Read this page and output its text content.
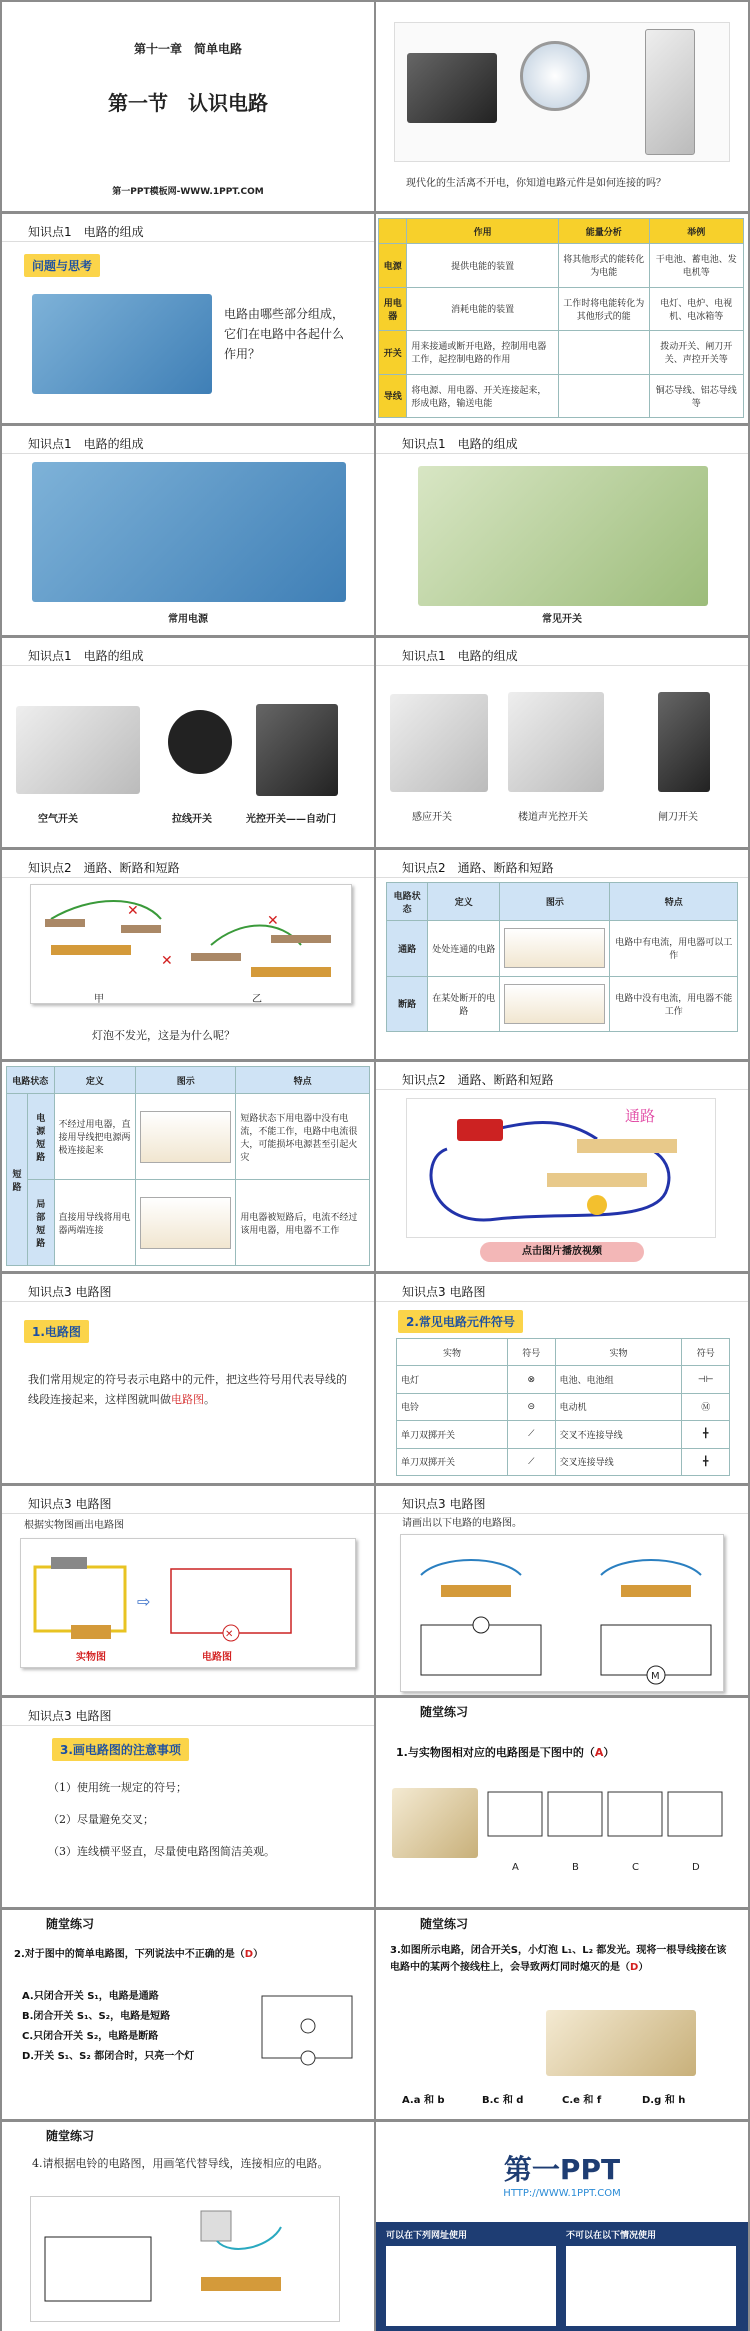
第十一章　简单电路
第一节　认识电路
第一PPT模板网-WWW.1PPT.COM
现代化的生活离不开电，你知道电路元件是如何连接的吗？
知识点1　电路的组成
问题与思考
电路由哪些部分组成，它们在电路中各起什么作用？
	作用	能量分析	举例
电源	提供电能的装置	将其他形式的能转化为电能	干电池、蓄电池、发电机等
用电器	消耗电能的装置	工作时将电能转化为其他形式的能	电灯、电炉、电视机、电冰箱等
开关	用来接通或断开电路，控制用电器工作，起控制电路的作用		拨动开关、闸刀开关、声控开关等
导线	将电源、用电器、开关连接起来，形成电路，输送电能		铜芯导线、铝芯导线等
知识点1　电路的组成
常用电源
知识点1　电路的组成
常见开关
知识点1　电路的组成
空气开关	拉线开关	光控开关——自动门
知识点1　电路的组成
感应开关	楼道声光控开关	闸刀开关
知识点2　通路、断路和短路
✕
✕
✕
甲	乙
灯泡不发光，这是为什么呢？
知识点2　通路、断路和短路
电路状态	定义	图示	特点
通路	处处连通的电路		电路中有电流，用电器可以工作
断路	在某处断开的电路		电路中没有电流，用电器不能工作
电路状态		定义	图示	特点
短路	电源短路	不经过用电器，直接用导线把电源两极连接起来		短路状态下用电器中没有电流，不能工作，电路中电流很大，可能损坏电源甚至引起火灾
	局部短路	直接用导线将用电器两端连接		用电器被短路后，电流不经过该用电器，用电器不工作
知识点2　通路、断路和短路
通路
点击图片播放视频
知识点3 电路图
1.电路图
我们常用规定的符号表示电路中的元件，把这些符号用代表导线的线段连接起来，这样图就叫做电路图。
知识点3 电路图
2.常见电路元件符号
实物	符号	实物	符号
电灯	⊗	电池、电池组	⊣⊢
电铃	⊝	电动机	Ⓜ
单刀双掷开关	⟋	交叉不连接导线	╋
单刀双掷开关	⟋	交叉连接导线	╋
知识点3 电路图
根据实物图画出电路图
⇨
✕
实物图	电路图
知识点3 电路图
请画出以下电路的电路图。
M
知识点3 电路图
3.画电路图的注意事项
（1）使用统一规定的符号；
（2）尽量避免交叉；
（3）连线横平竖直，尽量使电路图简洁美观。
随堂练习
1.与实物图相对应的电路图是下图中的（A）
A	B	C	D
随堂练习
2.对于图中的简单电路图，下列说法中不正确的是（D）
A.只闭合开关 S₁，电路是通路
B.闭合开关 S₁、S₂，电路是短路
C.只闭合开关 S₂，电路是断路
D.开关 S₁、S₂ 都闭合时，只亮一个灯
随堂练习
3.如图所示电路，闭合开关S，小灯泡 L₁、L₂ 都发光。现将一根导线接在该电路中的某两个接线柱上，会导致两灯同时熄灭的是（D）
A.a 和 b	B.c 和 d	C.e 和 f	D.g 和 h
随堂练习
4.请根据电铃的电路图，用画笔代替导线，连接相应的电路。	第一PPT
HTTP://WWW.1PPT.COM
可以在下列网址使用	不可以在以下情况使用
